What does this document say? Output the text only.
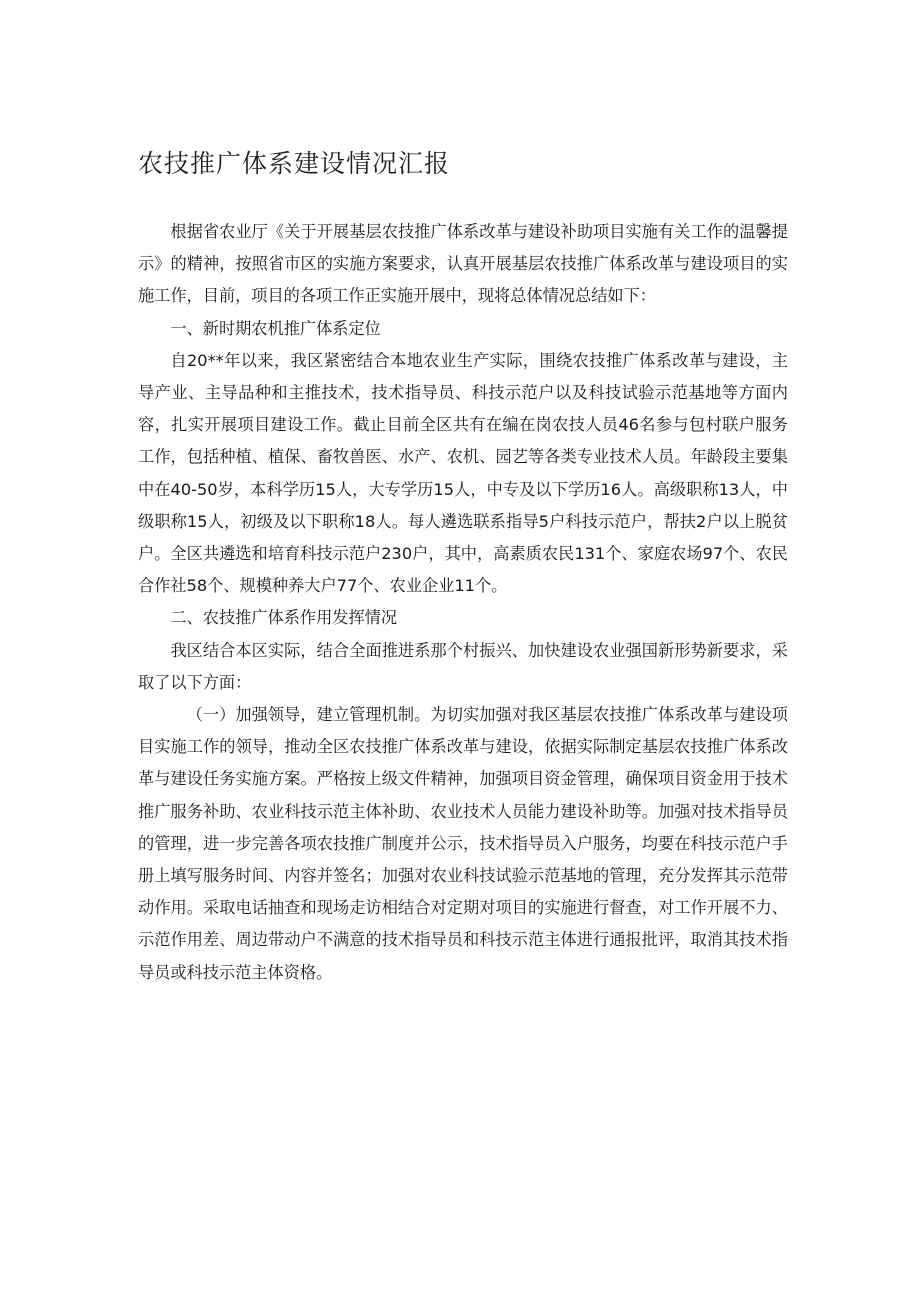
农技推广体系建设情况汇报

根据省农业厅《关于开展基层农技推广体系改革与建设补助项目实施有关工作的温馨提示》的精神，按照省市区的实施方案要求，认真开展基层农技推广体系改革与建设项目的实施工作，目前，项目的各项工作正实施开展中，现将总体情况总结如下：

一、新时期农机推广体系定位

自20**年以来，我区紧密结合本地农业生产实际，围绕农技推广体系改革与建设，主导产业、主导品种和主推技术，技术指导员、科技示范户以及科技试验示范基地等方面内容，扎实开展项目建设工作。截止目前全区共有在编在岗农技人员46名参与包村联户服务工作，包括种植、植保、畜牧兽医、水产、农机、园艺等各类专业技术人员。年龄段主要集中在40-50岁，本科学历15人，大专学历15人，中专及以下学历16人。高级职称13人，中级职称15人，初级及以下职称18人。每人遴选联系指导5户科技示范户，帮扶2户以上脱贫户。全区共遴选和培育科技示范户230户，其中，高素质农民131个、家庭农场97个、农民合作社58个、规模种养大户77个、农业企业11个。

二、农技推广体系作用发挥情况

我区结合本区实际，结合全面推进系那个村振兴、加快建设农业强国新形势新要求，采取了以下方面：

（一）加强领导，建立管理机制。为切实加强对我区基层农技推广体系改革与建设项目实施工作的领导，推动全区农技推广体系改革与建设，依据实际制定基层农技推广体系改革与建设任务实施方案。严格按上级文件精神，加强项目资金管理，确保项目资金用于技术推广服务补助、农业科技示范主体补助、农业技术人员能力建设补助等。加强对技术指导员的管理，进一步完善各项农技推广制度并公示，技术指导员入户服务，均要在科技示范户手册上填写服务时间、内容并签名；加强对农业科技试验示范基地的管理，充分发挥其示范带动作用。采取电话抽查和现场走访相结合对定期对项目的实施进行督查，对工作开展不力、示范作用差、周边带动户不满意的技术指导员和科技示范主体进行通报批评，取消其技术指导员或科技示范主体资格。
